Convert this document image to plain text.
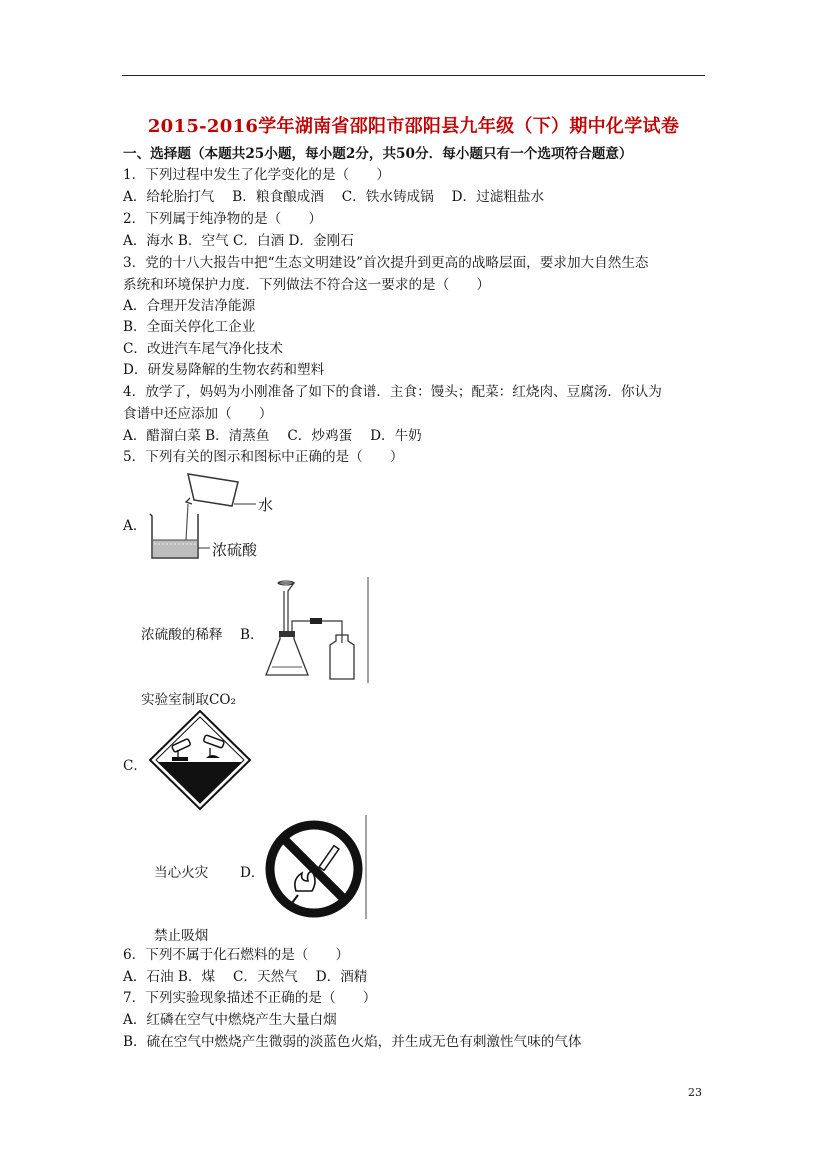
2015-2016学年湖南省邵阳市邵阳县九年级（下）期中化学试卷
一、选择题（本题共25小题，每小题2分，共50分．每小题只有一个选项符合题意）
1．下列过程中发生了化学变化的是（　　）
A．给轮胎打气　 B．粮食酿成酒　 C．铁水铸成锅　 D．过滤粗盐水
2．下列属于纯净物的是（　　）
A．海水 B．空气 C．白酒 D．金刚石
3．党的十八大报告中把“生态文明建设”首次提升到更高的战略层面，要求加大自然生态
系统和环境保护力度．下列做法不符合这一要求的是（　　）
A．合理开发洁净能源
B．全面关停化工企业
C．改进汽车尾气净化技术
D．研发易降解的生物农药和塑料
4．放学了，妈妈为小刚准备了如下的食谱．主食：馒头；配菜：红烧肉、豆腐汤．你认为
食谱中还应添加（　　）
A．醋溜白菜 B．清蒸鱼　 C．炒鸡蛋　 D．牛奶
5．下列有关的图示和图标中正确的是（　　）
A．
水
浓硫酸
浓硫酸的稀释 B．
实验室制取CO₂
C．
当心火灾 D．
禁止吸烟
6．下列不属于化石燃料的是（　　）
A．石油 B．煤　 C．天然气　 D．酒精
7．下列实验现象描述不正确的是（　　）
A．红磷在空气中燃烧产生大量白烟
B．硫在空气中燃烧产生微弱的淡蓝色火焰，并生成无色有刺激性气味的气体
23
